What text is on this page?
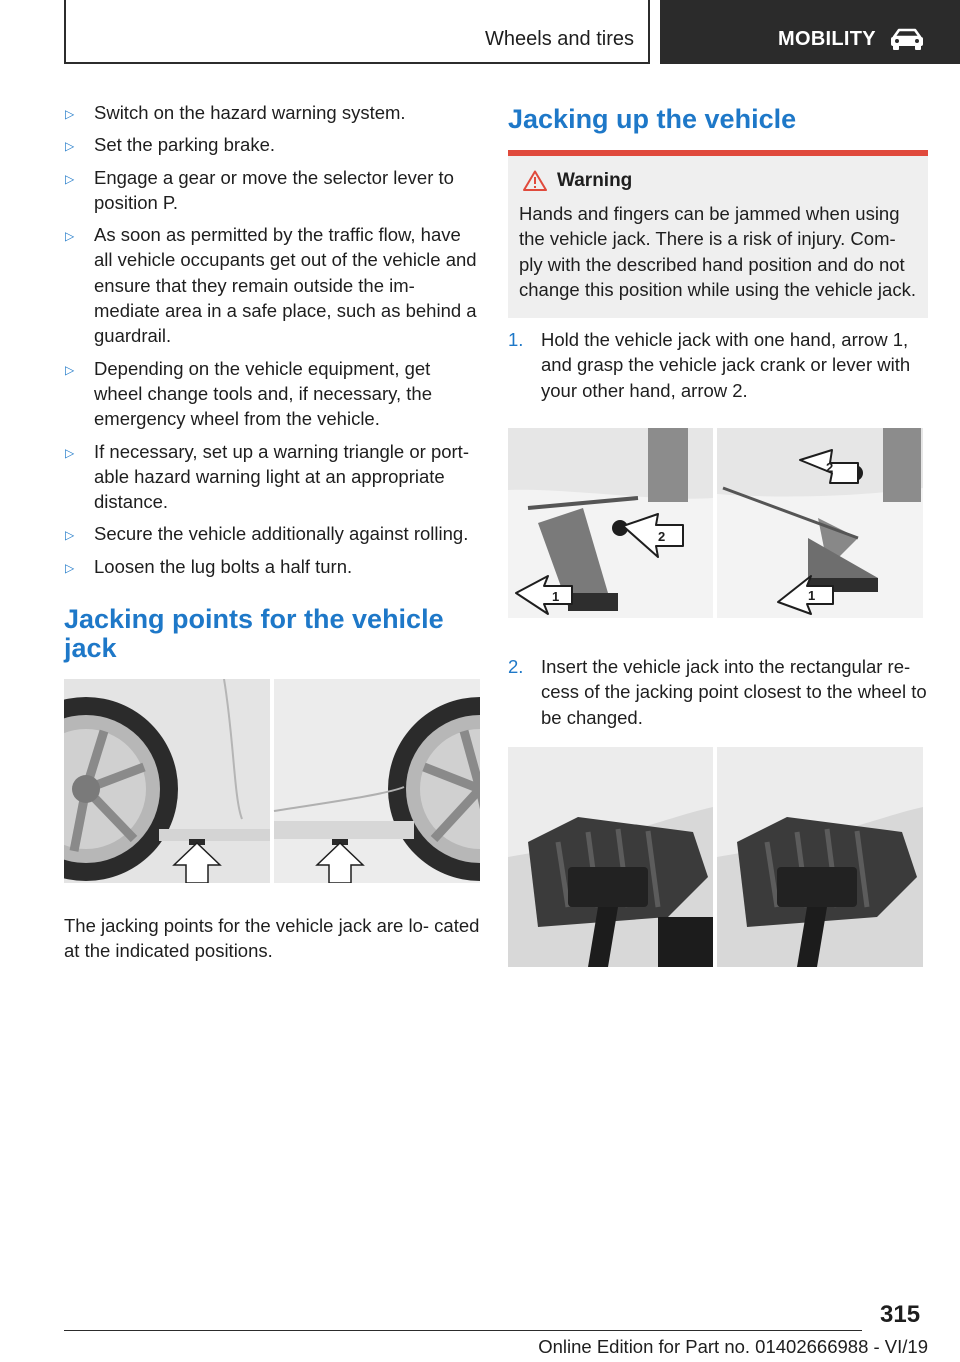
Wheels and tires	MOBILITY
▷ Switch on the hazard warning system.
▷ Set the parking brake.
▷ Engage a gear or move the selector lever to position P.
▷ As soon as permitted by the traffic flow, have all vehicle occupants get out of the vehicle and ensure that they remain outside the im‐ mediate area in a safe place, such as behind a guardrail.
▷ Depending on the vehicle equipment, get wheel change tools and, if necessary, the emergency wheel from the vehicle.
▷ If necessary, set up a warning triangle or port‐ able hazard warning light at an appropriate distance.
▷ Secure the vehicle additionally against rolling.
▷ Loosen the lug bolts a half turn.
Jacking points for the vehicle jack

The jacking points for the vehicle jack are lo‐ cated at the indicated positions.

Jacking up the vehicle
Warning

Hands and fingers can be jammed when using the vehicle jack. There is a risk of injury. Com‐ ply with the described hand position and do not change this position while using the vehicle jack.

1. Hold the vehicle jack with one hand, arrow 1, and grasp the vehicle jack crank or lever with your other hand, arrow 2.
1
2
2
1
2. Insert the vehicle jack into the rectangular re‐ cess of the jacking point closest to the wheel to be changed.
315
Online Edition for Part no. 01402666988 - VI/19
